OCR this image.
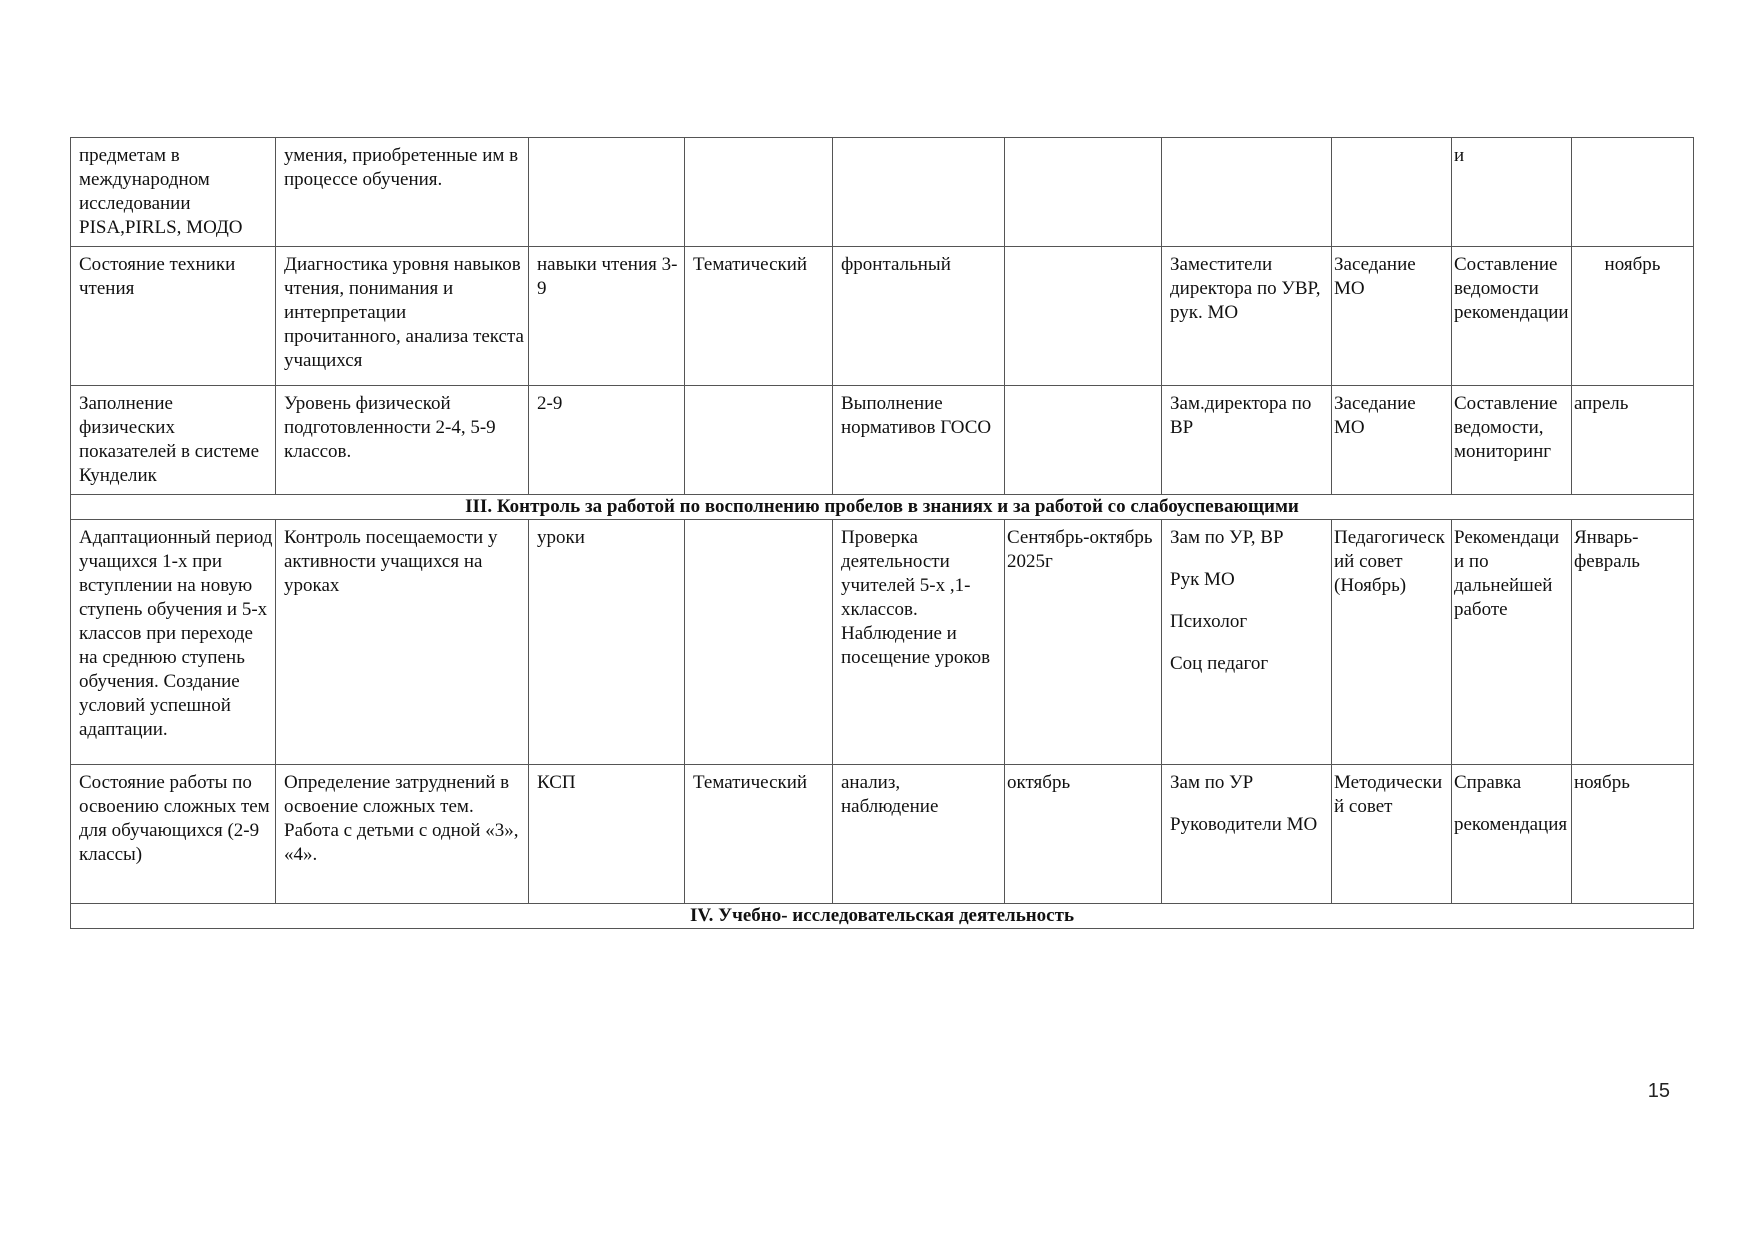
предметам в международном исследовании PISA,PIRLS, МОДО	умения, приобретенные им в процессе обучения.							и	

Состояние техники чтения	Диагностика уровня навыков чтения, понимания и интерпретации прочитанного, анализа текста учащихся	навыки чтения 3-9	Тематический	фронтальный		Заместители директора по УВР, рук. МО	Заседание МО	Составление ведомости рекомендации	ноябрь

Заполнение физических показателей в системе Кунделик	Уровень физической подготовленности 2-4, 5-9 классов.	2-9		Выполнение нормативов ГОСО		Зам.директора по ВР	Заседание МО	Составление ведомости, мониторинг	апрель

III. Контроль за работой по восполнению пробелов в знаниях и за работой со слабоуспевающими									

Адаптационный период учащихся 1-х при вступлении на новую ступень обучения и 5-х классов при переходе на среднюю ступень обучения. Создание условий успешной адаптации.	Контроль посещаемости у активности учащихся на уроках	уроки		Проверка деятельности учителей 5-х ,1-хклассов. Наблюдение и посещение уроков	Сентябрь-октябрь 2025г	Зам по УР, ВР
Рук МО
Психолог
Соц педагог	Педагогический совет (Ноябрь)	Рекомендации по дальнейшей работе	Январь-февраль

Состояние работы по освоению сложных тем для обучающихся (2-9 классы)	Определение затруднений в освоение сложных тем. Работа с детьми с одной «3», «4».	КСП	Тематический	анализ, наблюдение	октябрь	Зам по УР
Руководители МО	Методический совет	Справка
рекомендация	ноябрь

IV. Учебно- исследовательская деятельность									
15
